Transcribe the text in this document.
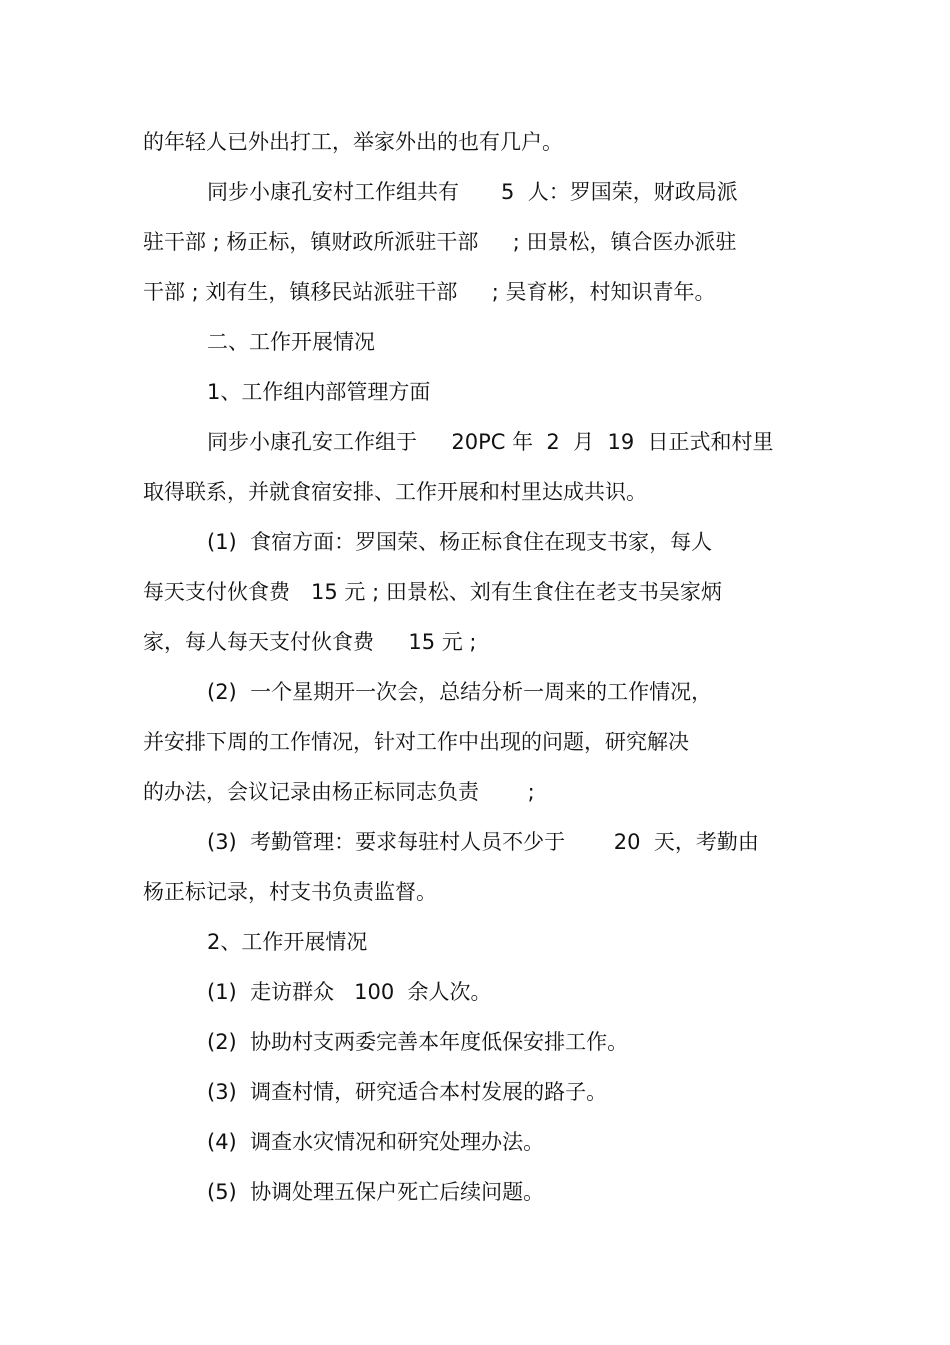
的年轻人已外出打工，举家外出的也有几户。

同步小康孔安村工作组共有　　5  人：罗国荣，财政局派

驻干部 ; 杨正标，镇财政所派驻干部　  ; 田景松，镇合医办派驻

干部 ; 刘有生，镇移民站派驻干部　  ; 吴育彬，村知识青年。

二、工作开展情况

1、工作组内部管理方面

同步小康孔安工作组于　  20PC 年  2  月  19  日正式和村里

取得联系，并就食宿安排、工作开展和村里达成共识。

(1)  食宿方面：罗国荣、杨正标食住在现支书家，每人

每天支付伙食费　15 元 ; 田景松、刘有生食住在老支书吴家炳

家，每人每天支付伙食费　  15 元 ;

(2)  一个星期开一次会，总结分析一周来的工作情况，

并安排下周的工作情况，针对工作中出现的问题，研究解决

的办法，会议记录由杨正标同志负责　　 ;

(3)  考勤管理：要求每驻村人员不少于　　 20  天，考勤由

杨正标记录，村支书负责监督。

2、工作开展情况

(1)  走访群众   100  余人次。

(2)  协助村支两委完善本年度低保安排工作。

(3)  调查村情，研究适合本村发展的路子。

(4)  调查水灾情况和研究处理办法。

(5)  协调处理五保户死亡后续问题。
